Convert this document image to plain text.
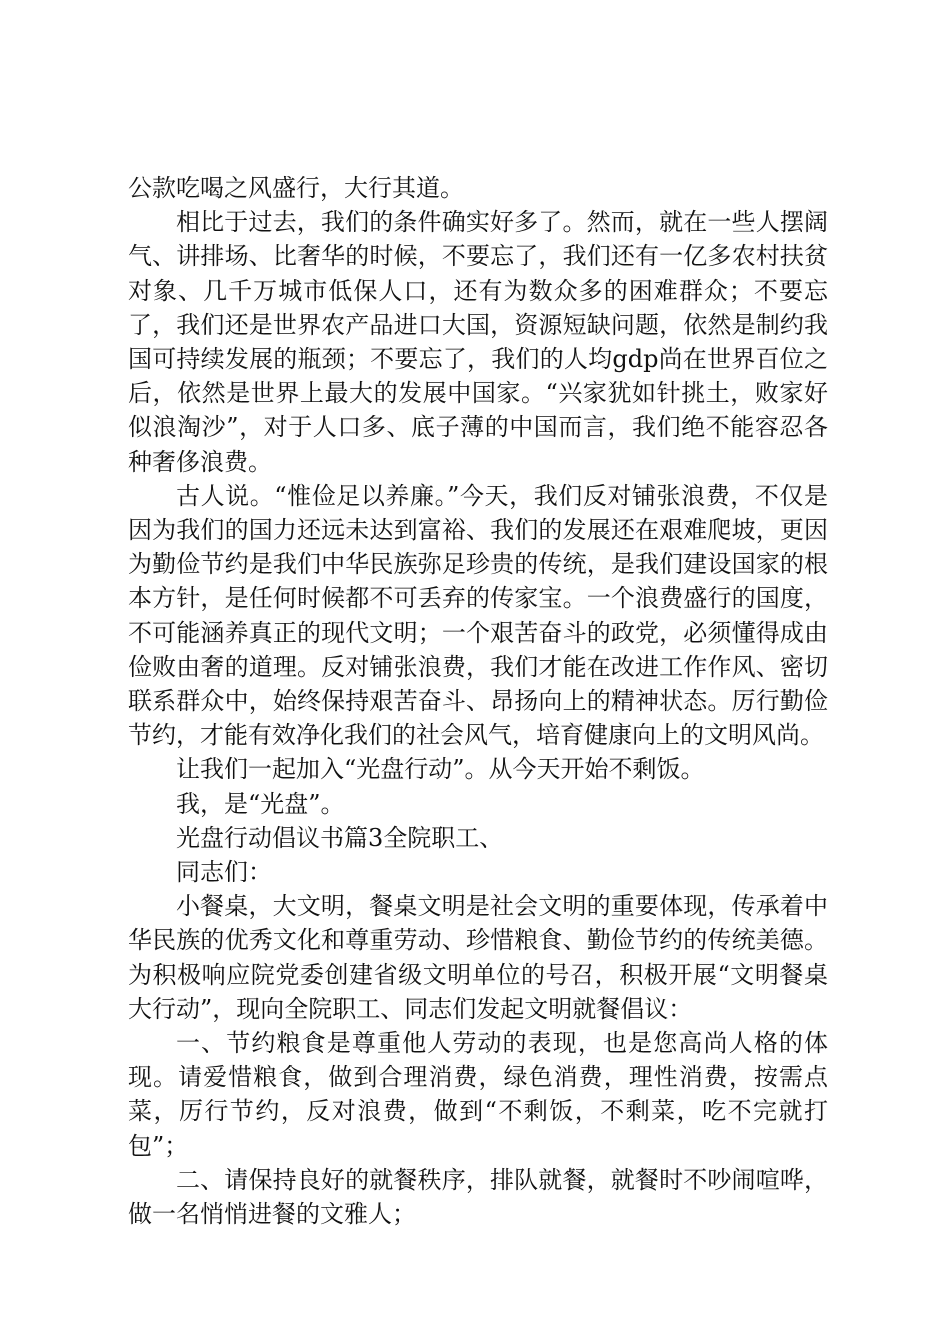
公款吃喝之风盛行，大行其道。

相比于过去，我们的条件确实好多了。然而，就在一些人摆阔气、讲排场、比奢华的时候，不要忘了，我们还有一亿多农村扶贫对象、几千万城市低保人口，还有为数众多的困难群众；不要忘了，我们还是世界农产品进口大国，资源短缺问题，依然是制约我国可持续发展的瓶颈；不要忘了，我们的人均gdp尚在世界百位之后，依然是世界上最大的发展中国家。“兴家犹如针挑土，败家好似浪淘沙”，对于人口多、底子薄的中国而言，我们绝不能容忍各种奢侈浪费。

古人说。“惟俭足以养廉。”今天，我们反对铺张浪费，不仅是因为我们的国力还远未达到富裕、我们的发展还在艰难爬坡，更因为勤俭节约是我们中华民族弥足珍贵的传统，是我们建设国家的根本方针，是任何时候都不可丢弃的传家宝。一个浪费盛行的国度，不可能涵养真正的现代文明；一个艰苦奋斗的政党，必须懂得成由俭败由奢的道理。反对铺张浪费，我们才能在改进工作作风、密切联系群众中，始终保持艰苦奋斗、昂扬向上的精神状态。厉行勤俭节约，才能有效净化我们的社会风气，培育健康向上的文明风尚。

让我们一起加入“光盘行动”。从今天开始不剩饭。

我，是“光盘”。

光盘行动倡议书篇3全院职工、

同志们：

小餐桌，大文明，餐桌文明是社会文明的重要体现，传承着中华民族的优秀文化和尊重劳动、珍惜粮食、勤俭节约的传统美德。为积极响应院党委创建省级文明单位的号召，积极开展“文明餐桌大行动”，现向全院职工、同志们发起文明就餐倡议：

一、节约粮食是尊重他人劳动的表现，也是您高尚人格的体现。请爱惜粮食，做到合理消费，绿色消费，理性消费，按需点菜，厉行节约，反对浪费，做到“不剩饭，不剩菜，吃不完就打包”；

二、请保持良好的就餐秩序，排队就餐，就餐时不吵闹喧哗，做一名悄悄进餐的文雅人；
